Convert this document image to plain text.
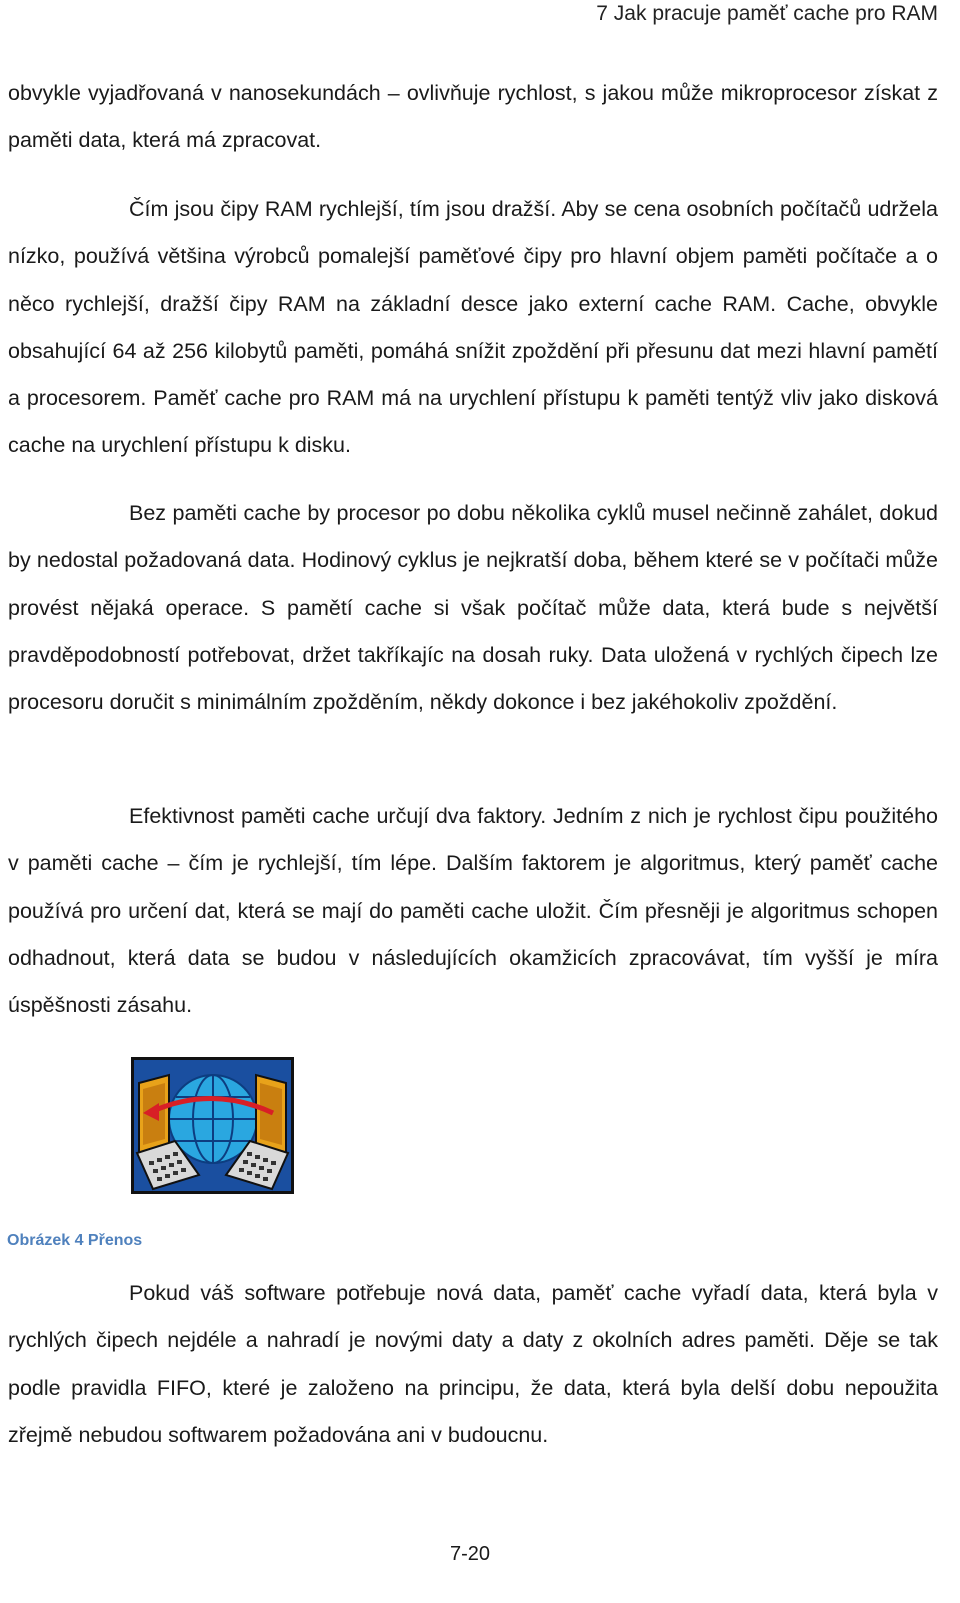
7 Jak pracuje paměť cache pro RAM

obvykle vyjadřovaná v nanosekundách – ovlivňuje rychlost, s jakou může mikroprocesor získat z paměti data, která má zpracovat.

Čím jsou čipy RAM rychlejší, tím jsou dražší. Aby se cena osobních počítačů udržela nízko, používá většina výrobců pomalejší paměťové čipy pro hlavní objem paměti počítače a o něco rychlejší, dražší čipy RAM na základní desce jako externí cache RAM. Cache, obvykle obsahující 64 až 256 kilobytů paměti, pomáhá snížit zpoždění při přesunu dat mezi hlavní pamětí a procesorem. Paměť cache pro RAM má na urychlení přístupu k paměti tentýž vliv jako disková cache na urychlení přístupu k disku.

Bez paměti cache by procesor po dobu několika cyklů musel nečinně zahálet, dokud by nedostal požadovaná data. Hodinový cyklus je nejkratší doba, během které se v počítači může provést nějaká operace. S pamětí cache si však počítač může data, která bude s největší pravděpodobností potřebovat, držet takříkajíc na dosah ruky. Data uložená v rychlých čipech lze procesoru doručit s minimálním zpožděním, někdy dokonce i bez jakéhokoliv zpoždění.

Efektivnost paměti cache určují dva faktory. Jedním z nich je rychlost čipu použitého v paměti cache – čím je rychlejší, tím lépe. Dalším faktorem je algoritmus, který paměť cache používá pro určení dat, která se mají do paměti cache uložit. Čím přesněji je algoritmus schopen odhadnout, která data se budou v následujících okamžicích zpracovávat, tím vyšší je míra úspěšnosti zásahu.

Obrázek 4 Přenos

Pokud váš software potřebuje nová data, paměť cache vyřadí data, která byla v rychlých čipech nejdéle a nahradí je novými daty a daty z okolních adres paměti. Děje se tak podle pravidla FIFO, které je založeno na principu, že data, která byla delší dobu nepoužita zřejmě nebudou softwarem požadována ani v budoucnu.

7-20
